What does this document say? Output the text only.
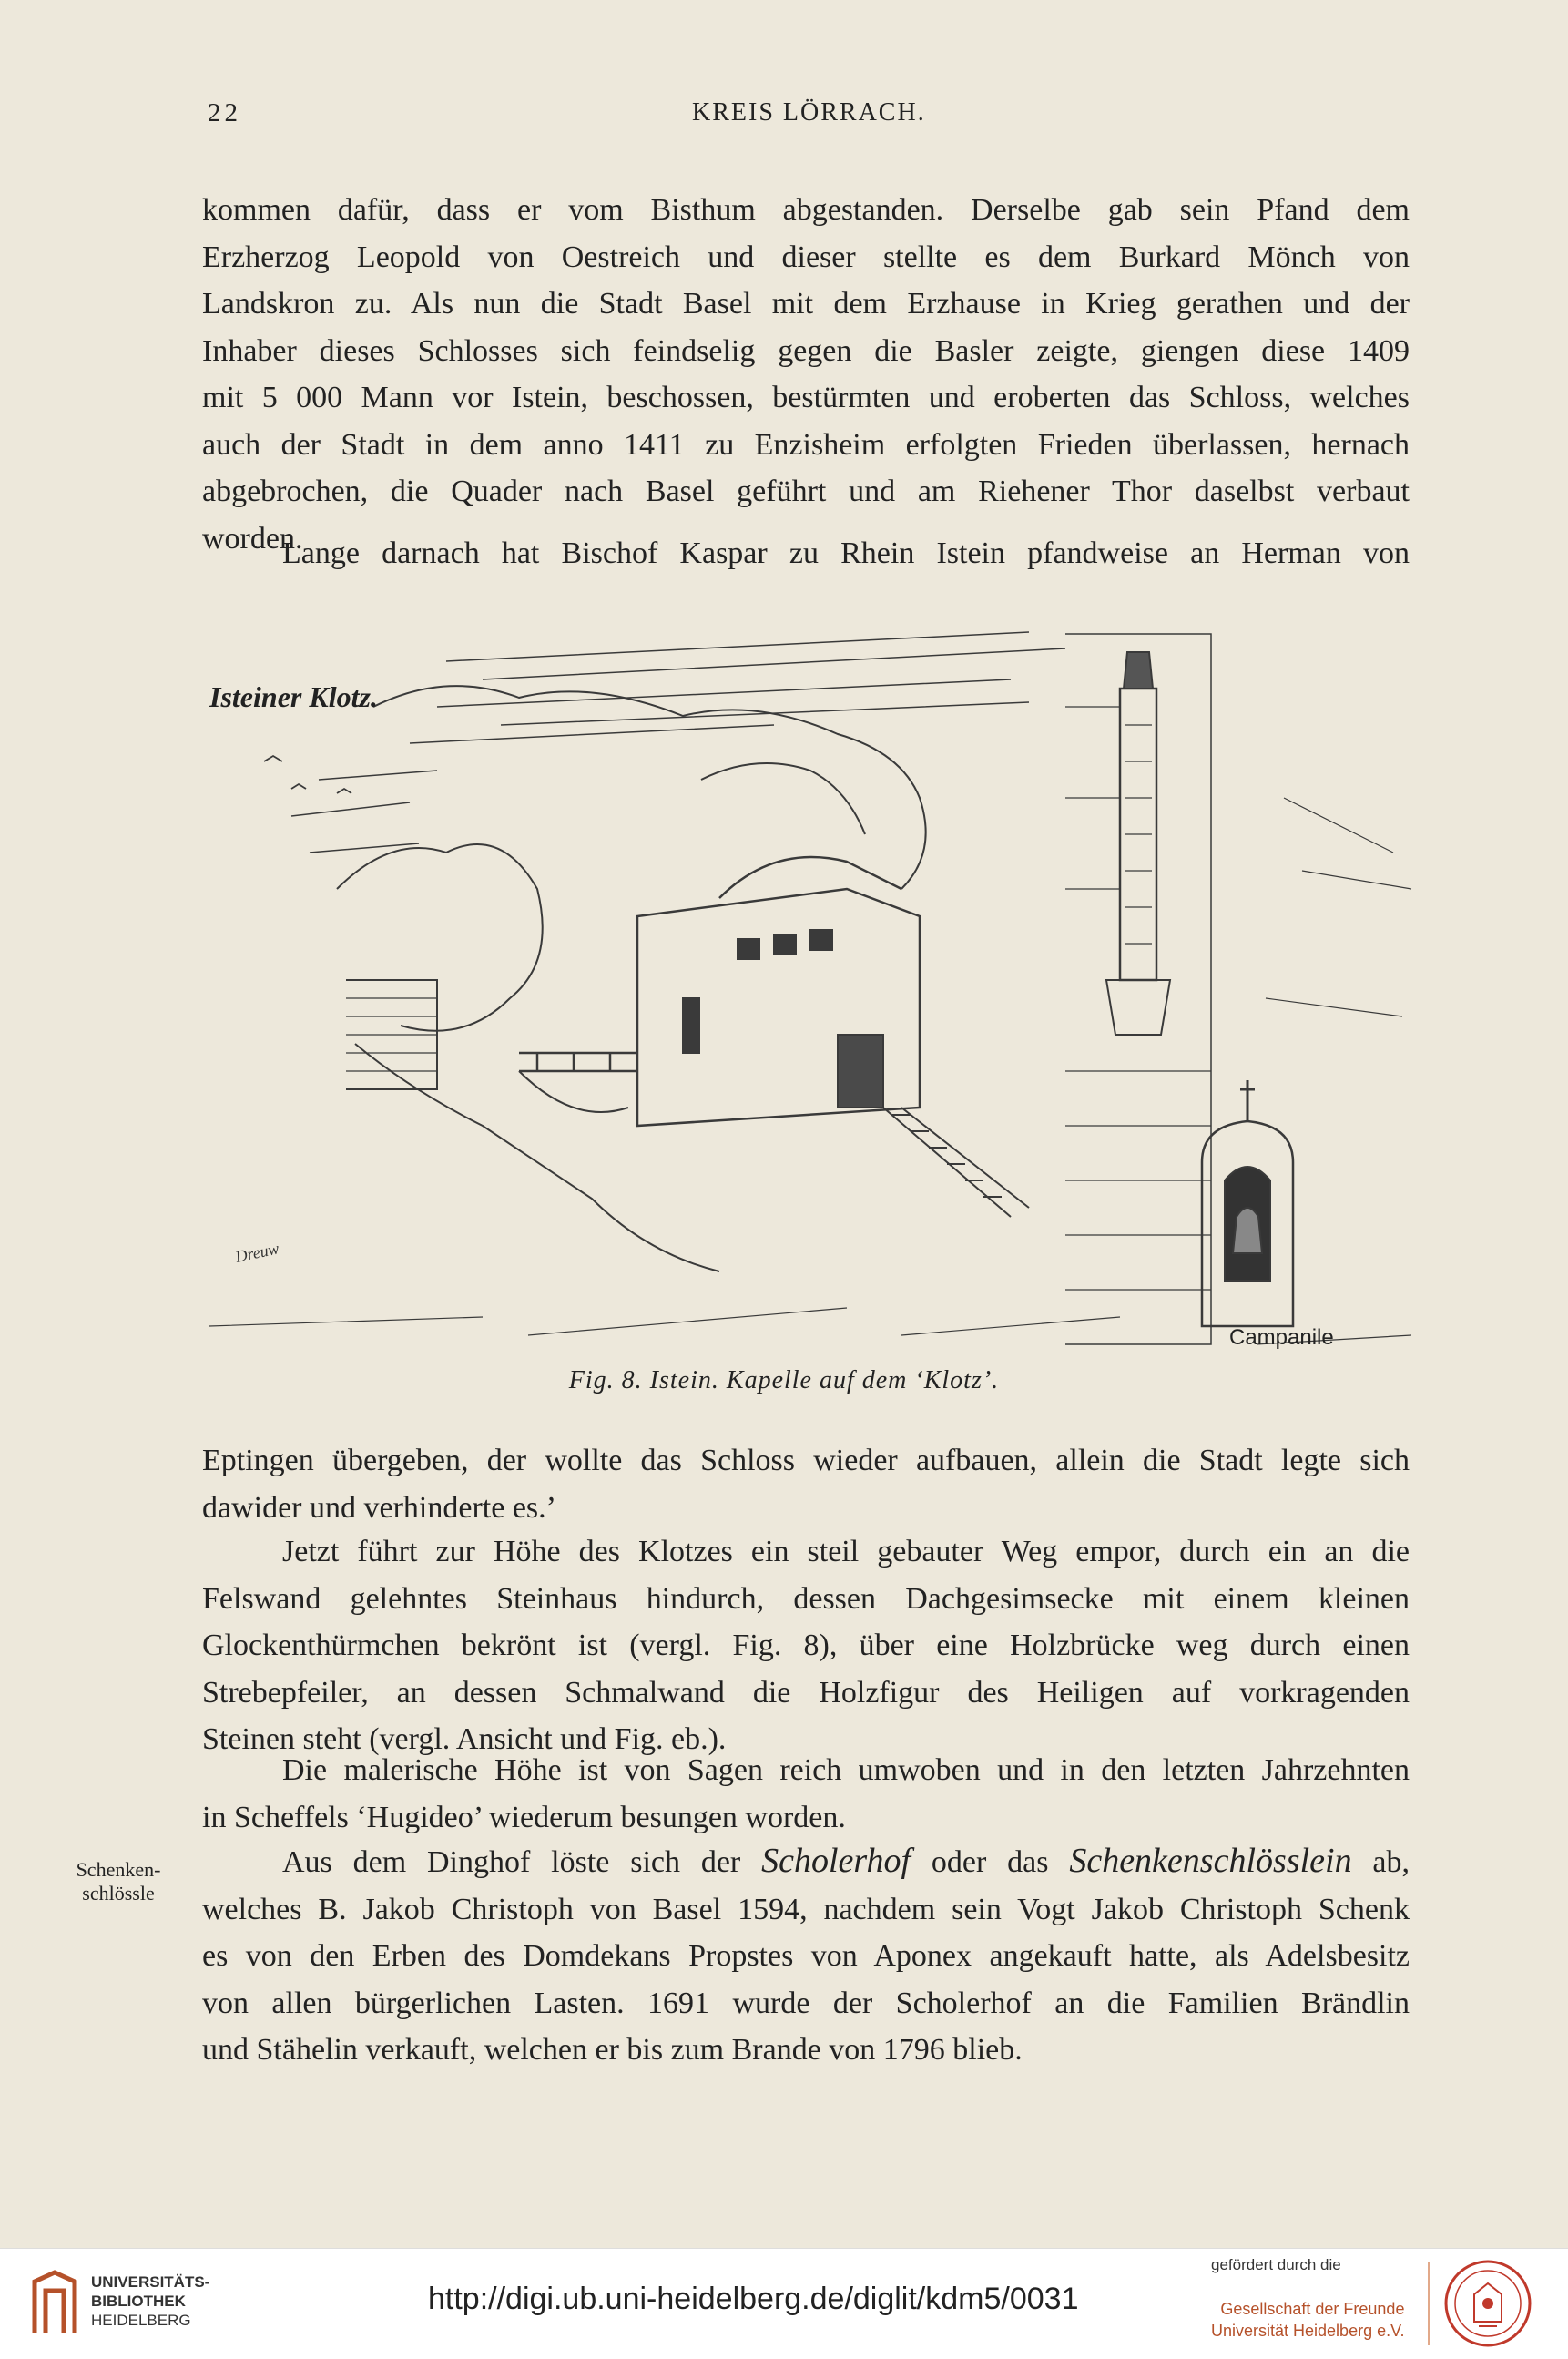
22	KREIS LÖRRACH.

kommen dafür, dass er vom Bisthum abgestanden. Derselbe gab sein Pfand dem
Erzherzog Leopold von Oestreich und dieser stellte es dem Burkard Mönch von
Landskron zu. Als nun die Stadt Basel mit dem Erzhause in Krieg gerathen und der
Inhaber dieses Schlosses sich feindselig gegen die Basler zeigte, giengen diese 1409
mit 5 000 Mann vor Istein, beschossen, bestürmten und eroberten das Schloss, welches
auch der Stadt in dem anno 1411 zu Enzisheim erfolgten Frieden überlassen, hernach
abgebrochen, die Quader nach Basel geführt und am Riehener Thor daselbst verbaut
worden.

Lange darnach hat Bischof Kaspar zu Rhein Istein pfandweise an Herman von

Isteiner Klotz.
Campanile
Dreuw
Fig. 8. Istein. Kapelle auf dem ‘Klotz’.

Eptingen übergeben, der wollte das Schloss wieder aufbauen, allein die Stadt legte sich
dawider und verhinderte es.’

Jetzt führt zur Höhe des Klotzes ein steil gebauter Weg empor, durch ein an die
Felswand gelehntes Steinhaus hindurch, dessen Dachgesimsecke mit einem kleinen
Glockenthürmchen bekrönt ist (vergl. Fig. 8), über eine Holzbrücke weg durch einen
Strebepfeiler, an dessen Schmalwand die Holzfigur des Heiligen auf vorkragenden
Steinen steht (vergl. Ansicht und Fig. eb.).

Die malerische Höhe ist von Sagen reich umwoben und in den letzten Jahrzehnten
in Scheffels ‘Hugideo’ wiederum besungen worden.

Schenken-
schlössle

Aus dem Dinghof löste sich der Scholerhof oder das Schenkenschlösslein ab,
welches B. Jakob Christoph von Basel 1594, nachdem sein Vogt Jakob Christoph Schenk
es von den Erben des Domdekans Propstes von Aponex angekauft hatte, als Adelsbesitz
von allen bürgerlichen Lasten. 1691 wurde der Scholerhof an die Familien Brändlin
und Stähelin verkauft, welchen er bis zum Brande von 1796 blieb.

UNIVERSITÄTS-
BIBLIOTHEK
HEIDELBERG
http://digi.ub.uni-heidelberg.de/diglit/kdm5/0031
gefördert durch die
Gesellschaft der Freunde
Universität Heidelberg e.V.
